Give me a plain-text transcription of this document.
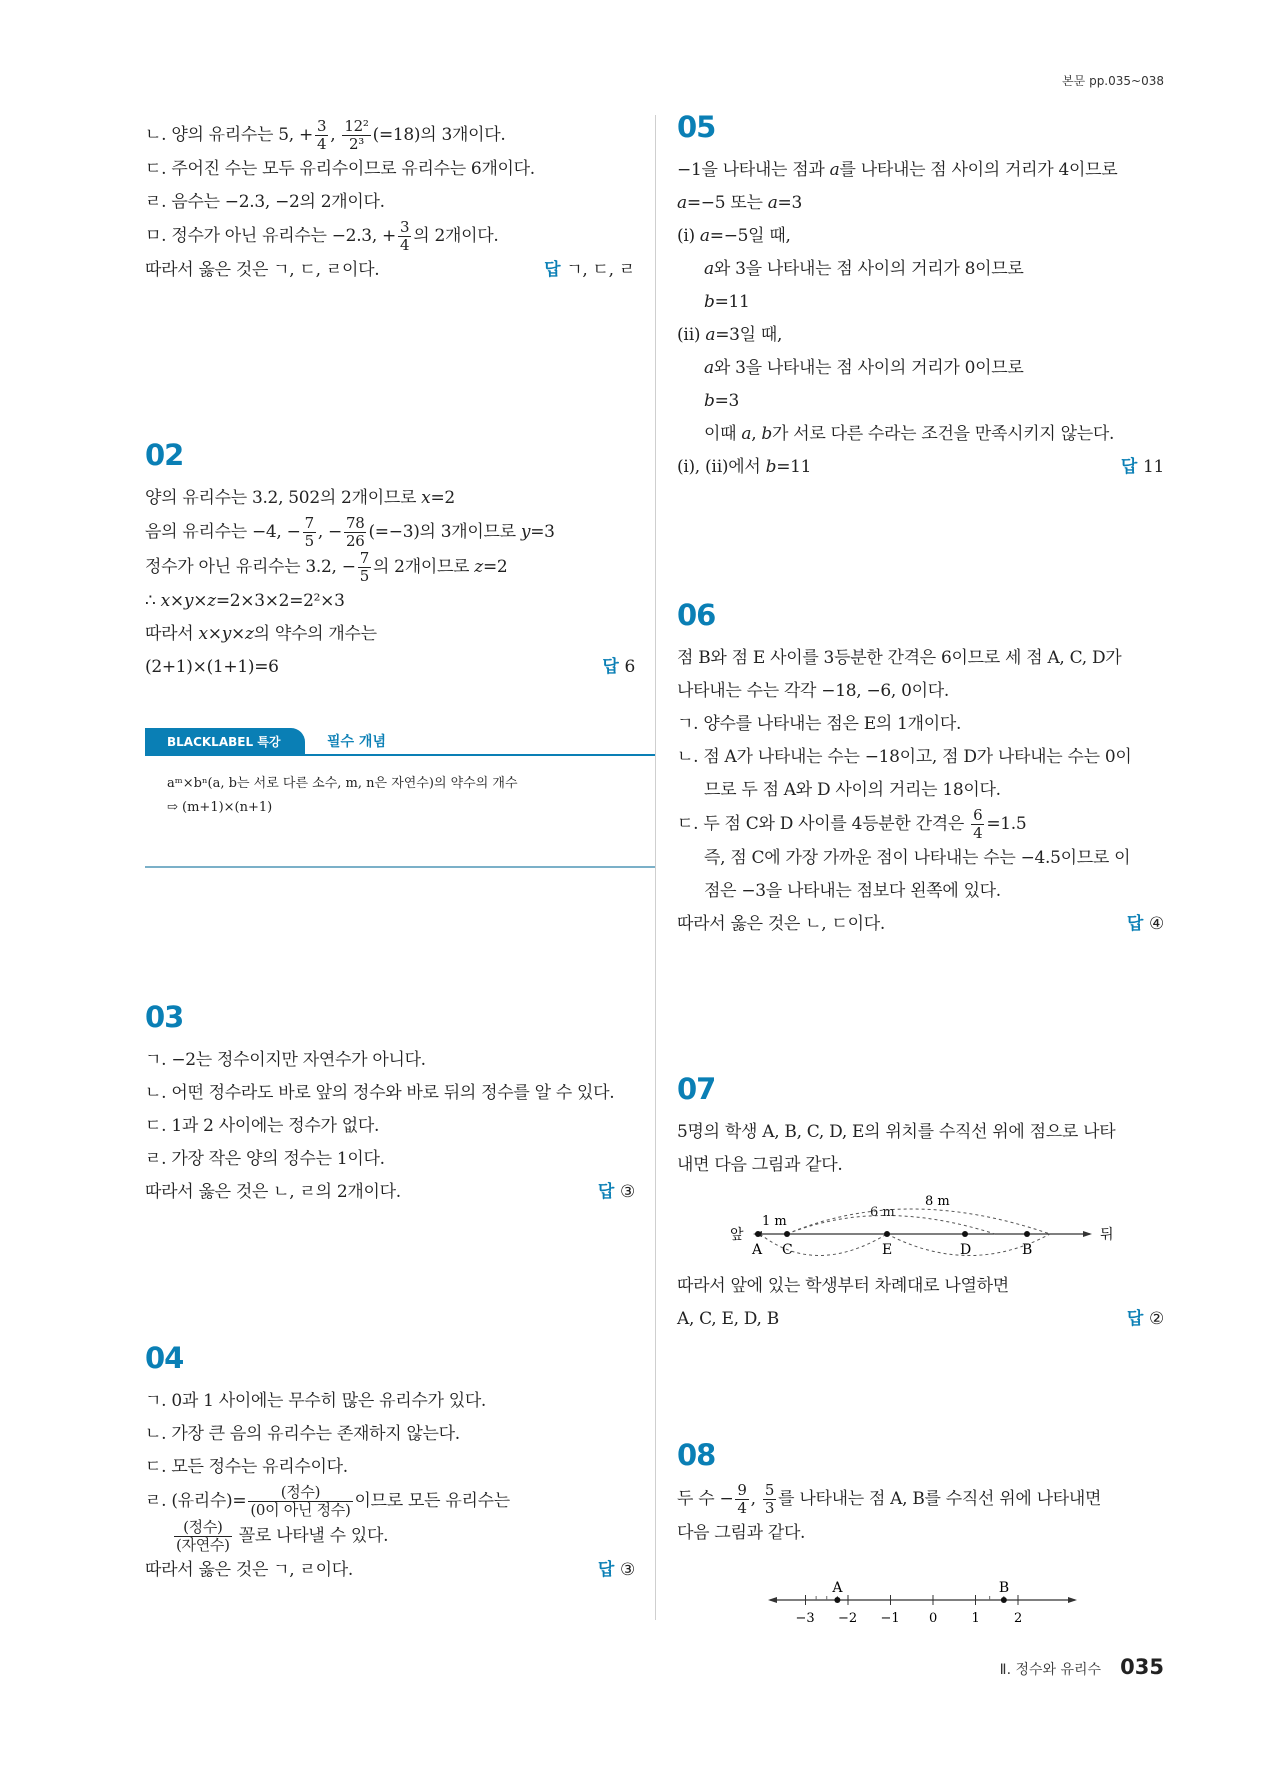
본문 pp.035~038
ㄴ. 양의 유리수는 5, + $\frac{3}{4}$ , $\frac{\text{12²}}{\text{2³}} (=18)$의 3개이다.
ㄷ. 주어진 수는 모두 유리수이므로 유리수는 6개이다.
ㄹ. 음수는 −2.3, −2의 2개이다.
ㅁ. 정수가 아닌 유리수는 −2.3, + $\frac{3}{4}$ 의 2개이다.
따라서 옳은 것은 ㄱ, ㄷ, ㄹ이다.	답 ㄱ, ㄷ, ㄹ
02
양의 유리수는 3.2, 502의 2개이므로 x=2
음의 유리수는 −4, − $\frac{7}{5}$ , − $\frac{78}{26} (=-3)$의 3개이므로 y=3
정수가 아닌 유리수는 3.2, − $\frac{7}{5}$ 의 2개이므로 z=2
∴ x×y×z=2×3×2=2²×3
따라서 x×y×z의 약수의 개수는
(2+1)×(1+1)=6	답 6
BLACKLABEL 특강	필수 개념
aᵐ×bⁿ(a, b는 서로 다른 소수, m, n은 자연수)의 약수의 개수
⇨ (m+1)×(n+1)
03
ㄱ. −2는 정수이지만 자연수가 아니다.
ㄴ. 어떤 정수라도 바로 앞의 정수와 바로 뒤의 정수를 알 수 있다.
ㄷ. 1과 2 사이에는 정수가 없다.
ㄹ. 가장 작은 양의 정수는 1이다.
따라서 옳은 것은 ㄴ, ㄹ의 2개이다.	답 ③
04
ㄱ. 0과 1 사이에는 무수히 많은 유리수가 있다.
ㄴ. 가장 큰 음의 유리수는 존재하지 않는다.
ㄷ. 모든 정수는 유리수이다.
ㄹ. (유리수)= $\frac{\text{(정수)}}{\text{(0이 아닌 정수)}}$ 이므로 모든 유리수는
$\frac{\text{(정수)}}{\text{(자연수)}}$ 꼴로 나타낼 수 있다.
따라서 옳은 것은 ㄱ, ㄹ이다.	답 ③
05
−1을 나타내는 점과 a를 나타내는 점 사이의 거리가 4이므로
a=−5 또는 a=3
(ⅰ) a=−5일 때,
a와 3을 나타내는 점 사이의 거리가 8이므로
b=11
(ⅱ) a=3일 때,
a와 3을 나타내는 점 사이의 거리가 0이므로
b=3
이때 a, b가 서로 다른 수라는 조건을 만족시키지 않는다.
(ⅰ), (ⅱ)에서 b=11	답 11
06
점 B와 점 E 사이를 3등분한 간격은 6이므로 세 점 A, C, D가
나타내는 수는 각각 −18, −6, 0이다.
ㄱ. 양수를 나타내는 점은 E의 1개이다.
ㄴ. 점 A가 나타내는 수는 −18이고, 점 D가 나타내는 수는 0이
므로 두 점 A와 D 사이의 거리는 18이다.
ㄷ. 두 점 C와 D 사이를 4등분한 간격은 $\frac{6}{4} =1.5$
즉, 점 C에 가장 가까운 점이 나타내는 수는 −4.5이므로 이
점은 −3을 나타내는 점보다 왼쪽에 있다.
따라서 옳은 것은 ㄴ, ㄷ이다.	답 ④
07
5명의 학생 A, B, C, D, E의 위치를 수직선 위에 점으로 나타
내면 다음 그림과 같다.
따라서 앞에 있는 학생부터 차례대로 나열하면
A, C, E, D, B	답 ②
08
두 수 − $\frac{9}{4}$ , $\frac{5}{3}$ 를 나타내는 점 A, B를 수직선 위에 나타내면
다음 그림과 같다.
앞	뒤
A C	E	D	B
1 m
6 m
8 m
−3 −2 −1 0	1	2
A	B
Ⅱ. 정수와 유리수 035
